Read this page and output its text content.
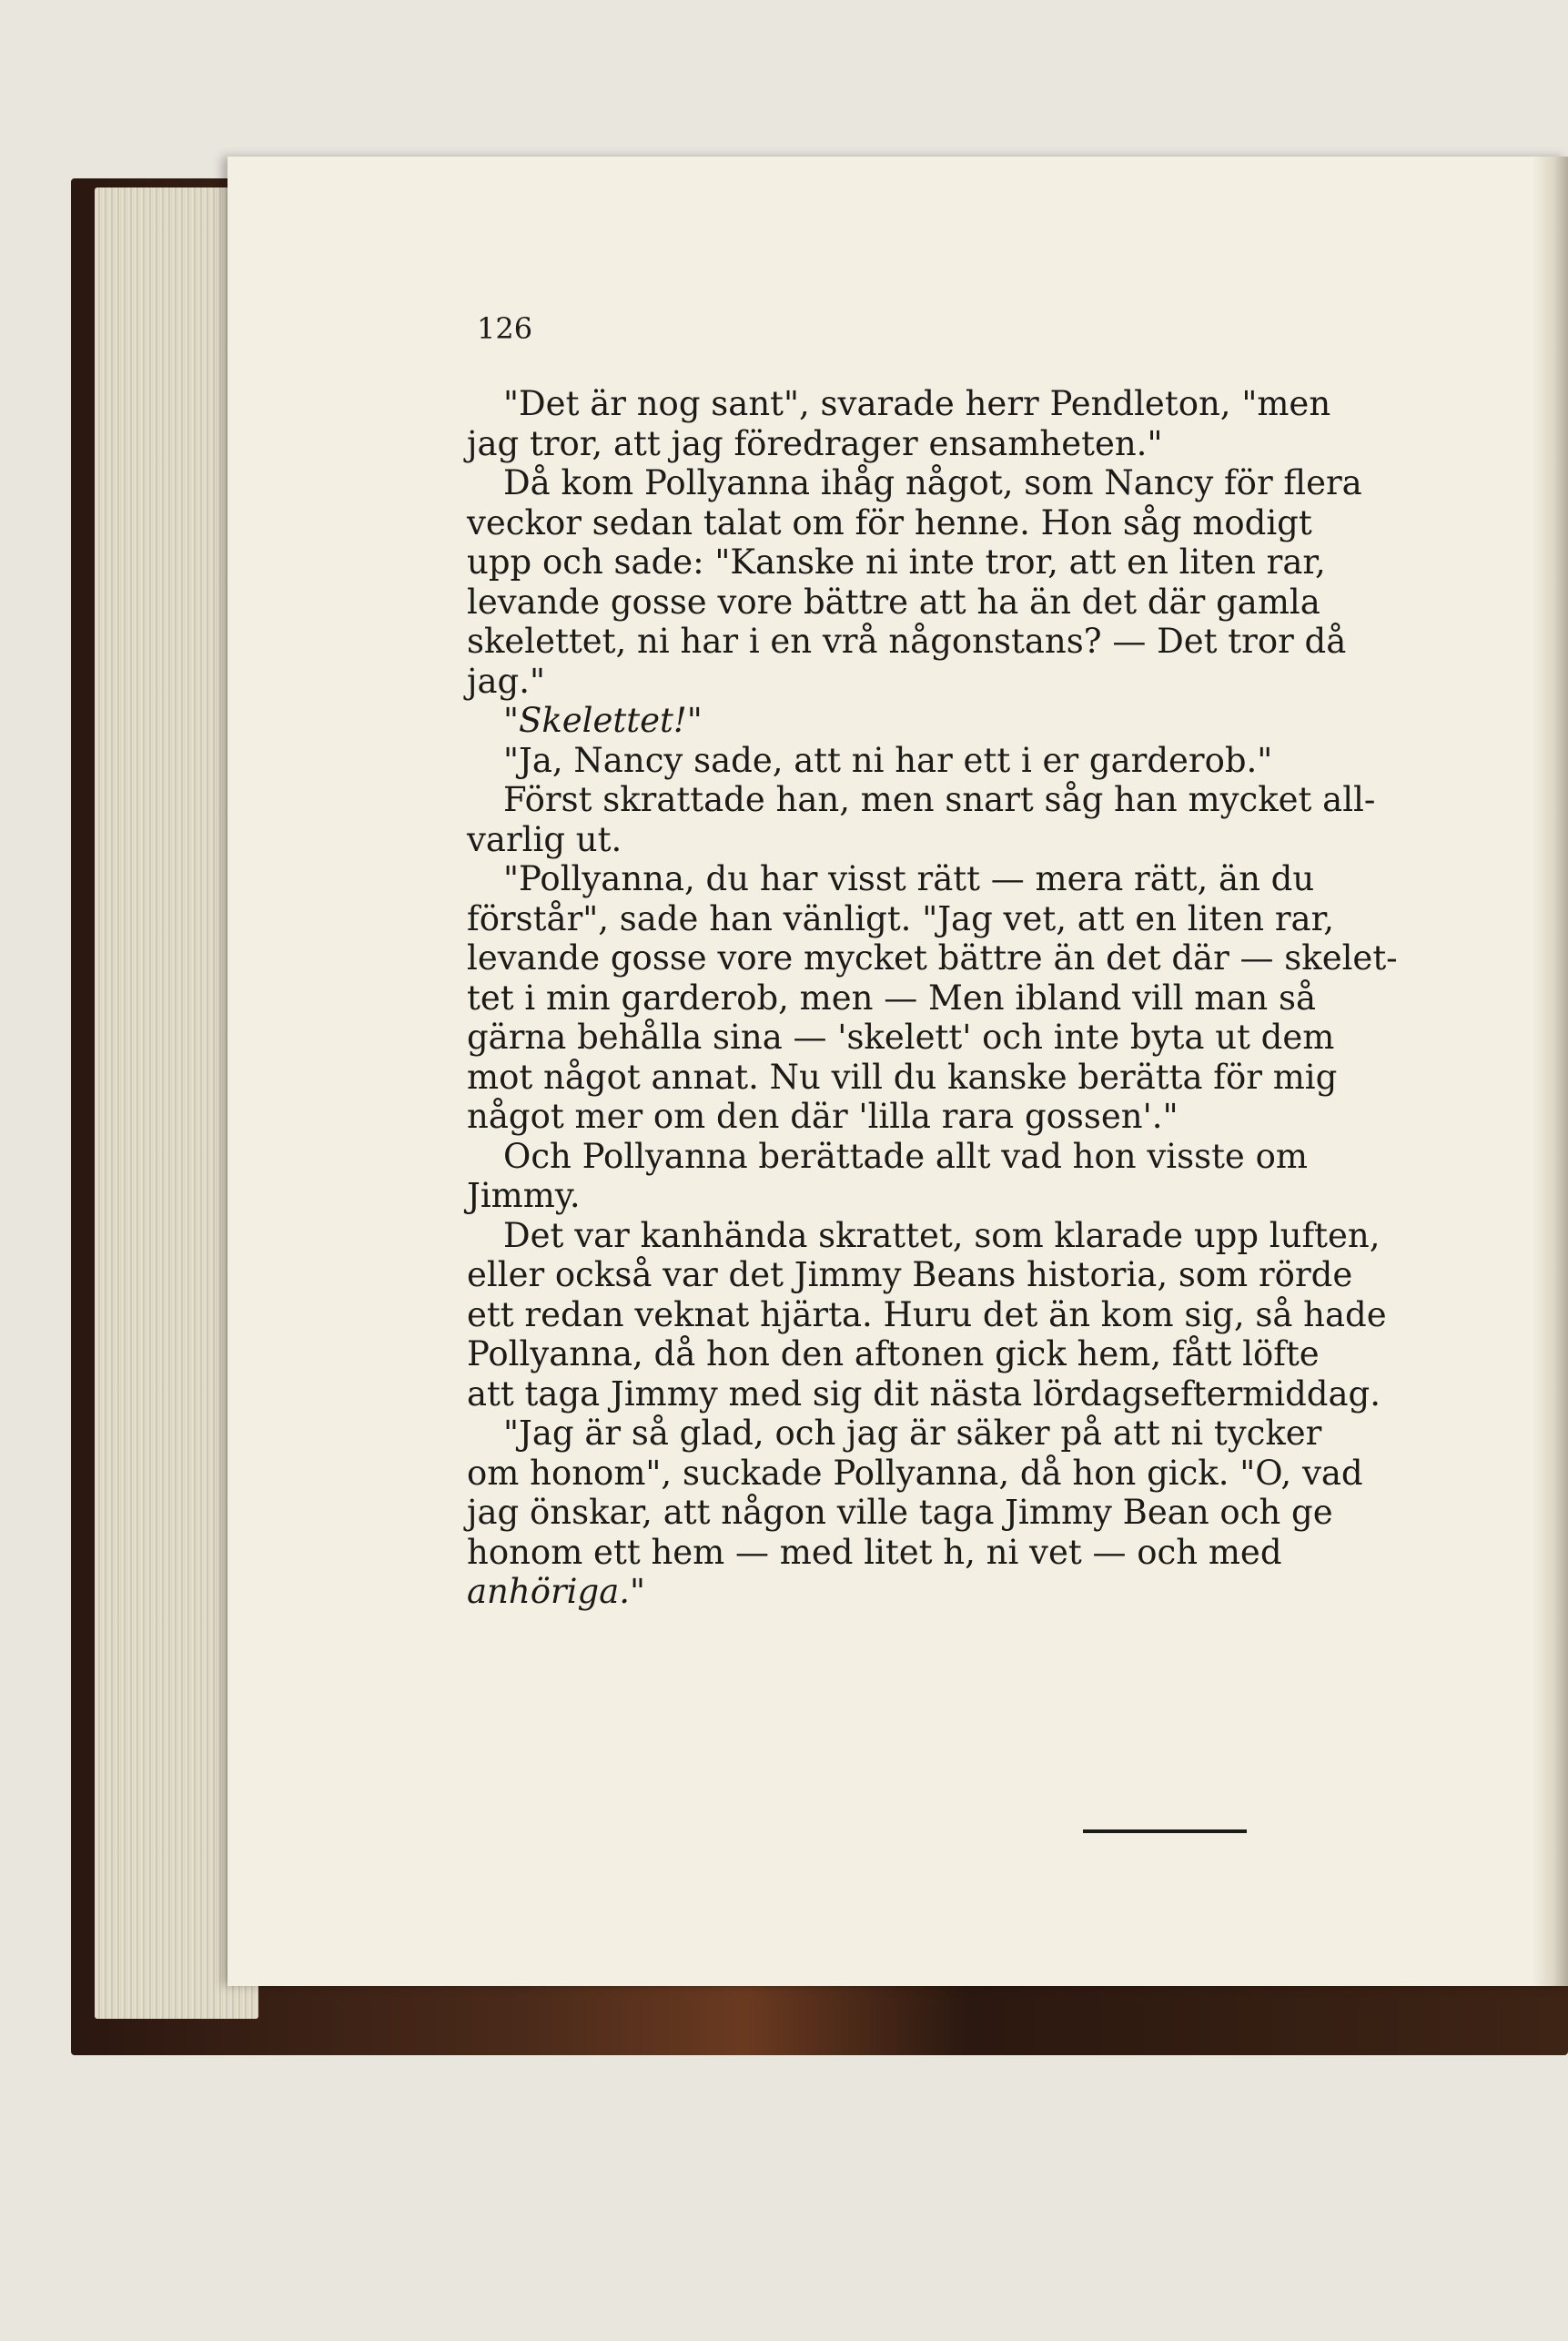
126
"Det är nog sant", svarade herr Pendleton, "men
jag tror, att jag föredrager ensamheten."
Då kom Pollyanna ihåg något, som Nancy för flera
veckor sedan talat om för henne. Hon såg modigt
upp och sade: "Kanske ni inte tror, att en liten rar,
levande gosse vore bättre att ha än det där gamla
skelettet, ni har i en vrå någonstans? — Det tror då
jag."
"Skelettet!"
"Ja, Nancy sade, att ni har ett i er garderob."
Först skrattade han, men snart såg han mycket all-
varlig ut.
"Pollyanna, du har visst rätt — mera rätt, än du
förstår", sade han vänligt. "Jag vet, att en liten rar,
levande gosse vore mycket bättre än det där — skelet-
tet i min garderob, men — Men ibland vill man så
gärna behålla sina — 'skelett' och inte byta ut dem
mot något annat. Nu vill du kanske berätta för mig
något mer om den där 'lilla rara gossen'."
Och Pollyanna berättade allt vad hon visste om
Jimmy.
Det var kanhända skrattet, som klarade upp luften,
eller också var det Jimmy Beans historia, som rörde
ett redan veknat hjärta. Huru det än kom sig, så hade
Pollyanna, då hon den aftonen gick hem, fått löfte
att taga Jimmy med sig dit nästa lördagseftermiddag.
"Jag är så glad, och jag är säker på att ni tycker
om honom", suckade Pollyanna, då hon gick. "O, vad
jag önskar, att någon ville taga Jimmy Bean och ge
honom ett hem — med litet h, ni vet — och med
anhöriga."
